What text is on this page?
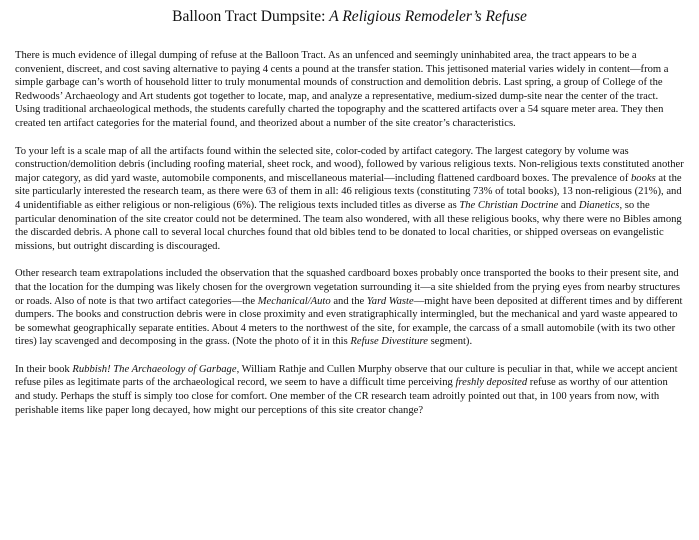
Balloon Tract Dumpsite: A Religious Remodeler’s Refuse

There is much evidence of illegal dumping of refuse at the Balloon Tract. As an unfenced and seemingly uninhabited area, the tract appears to be a convenient, discreet, and cost saving alternative to paying 4 cents a pound at the transfer station. This jettisoned material varies widely in content—from a simple garbage can’s worth of household litter to truly monumental mounds of construction and demolition debris. Last spring, a group of College of the Redwoods’ Archaeology and Art students got together to locate, map, and analyze a representative, medium-sized dump-site near the center of the tract. Using traditional archaeological methods, the students carefully charted the topography and the scattered artifacts over a 54 square meter area. They then created ten artifact categories for the material found, and theorized about a number of the site creator’s characteristics.

To your left is a scale map of all the artifacts found within the selected site, color-coded by artifact category. The largest category by volume was construction/demolition debris (including roofing material, sheet rock, and wood), followed by various religious texts. Non-religious texts constituted another major category, as did yard waste, automobile components, and miscellaneous material—including flattened cardboard boxes. The prevalence of books at the site particularly interested the research team, as there were 63 of them in all: 46 religious texts (constituting 73% of total books), 13 non-religious (21%), and 4 unidentifiable as either religious or non-religious (6%). The religious texts included titles as diverse as The Christian Doctrine and Dianetics, so the particular denomination of the site creator could not be determined. The team also wondered, with all these religious books, why there were no Bibles among the discarded debris. A phone call to several local churches found that old bibles tend to be donated to local charities, or shipped overseas on evangelistic missions, but outright discarding is discouraged.

Other research team extrapolations included the observation that the squashed cardboard boxes probably once transported the books to their present site, and that the location for the dumping was likely chosen for the overgrown vegetation surrounding it—a site shielded from the prying eyes from nearby structures or roads. Also of note is that two artifact categories—the Mechanical/Auto and the Yard Waste—might have been deposited at different times and by different dumpers. The books and construction debris were in close proximity and even stratigraphically intermingled, but the mechanical and yard waste appeared to be somewhat geographically separate entities. About 4 meters to the northwest of the site, for example, the carcass of a small automobile (with its two other tires) lay scavenged and decomposing in the grass. (Note the photo of it in this Refuse Divestiture segment).

In their book Rubbish! The Archaeology of Garbage, William Rathje and Cullen Murphy observe that our culture is peculiar in that, while we accept ancient refuse piles as legitimate parts of the archaeological record, we seem to have a difficult time perceiving freshly deposited refuse as worthy of our attention and study. Perhaps the stuff is simply too close for comfort. One member of the CR research team adroitly pointed out that, in 100 years from now, with perishable items like paper long decayed, how might our perceptions of this site creator change?
